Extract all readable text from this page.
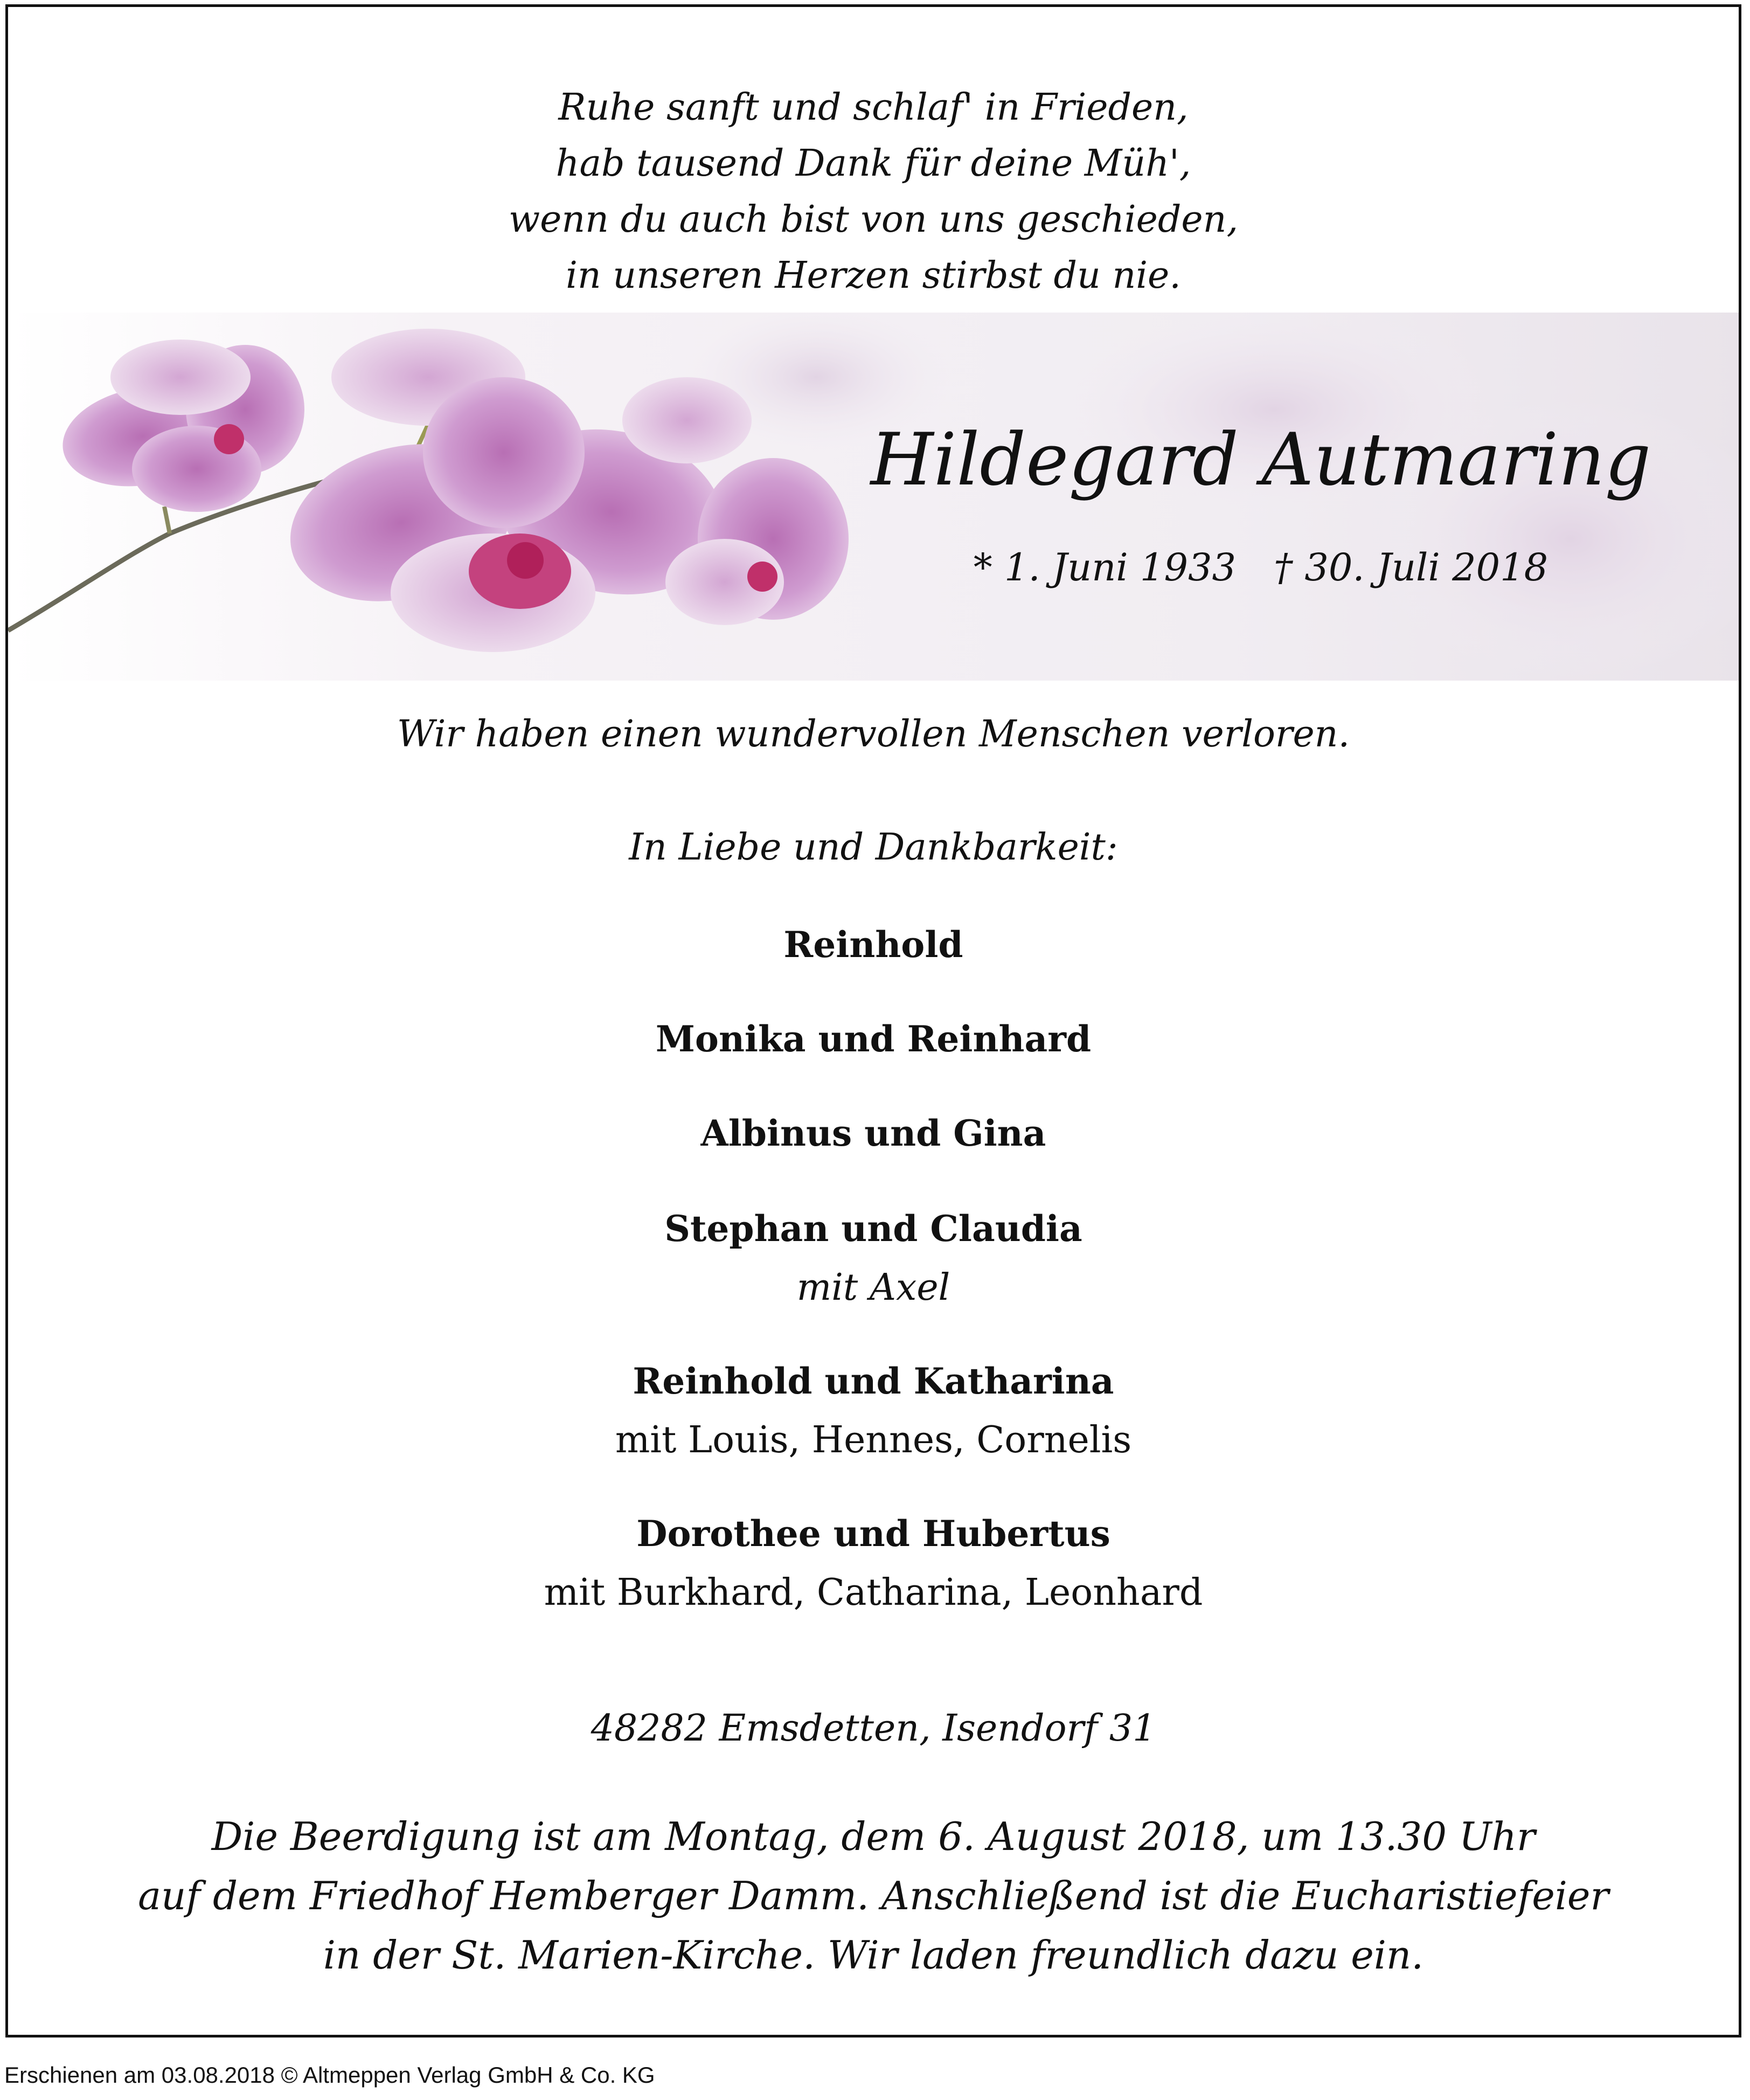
Ruhe sanft und schlaf' in Frieden,
hab tausend Dank für deine Müh',
wenn du auch bist von uns geschieden,
in unseren Herzen stirbst du nie.
Hildegard Autmaring
* 1. Juni 1933 † 30. Juli 2018
Wir haben einen wundervollen Menschen verloren.
In Liebe und Dankbarkeit:
Reinhold
Monika und Reinhard
Albinus und Gina
Stephan und Claudia
mit Axel
Reinhold und Katharina
mit Louis, Hennes, Cornelis
Dorothee und Hubertus
mit Burkhard, Catharina, Leonhard
48282 Emsdetten, Isendorf 31
Die Beerdigung ist am Montag, dem 6. August 2018, um 13.30 Uhr
auf dem Friedhof Hemberger Damm. Anschließend ist die Eucharistiefeier
in der St. Marien-Kirche. Wir laden freundlich dazu ein.
Erschienen am 03.08.2018 © Altmeppen Verlag GmbH & Co. KG
